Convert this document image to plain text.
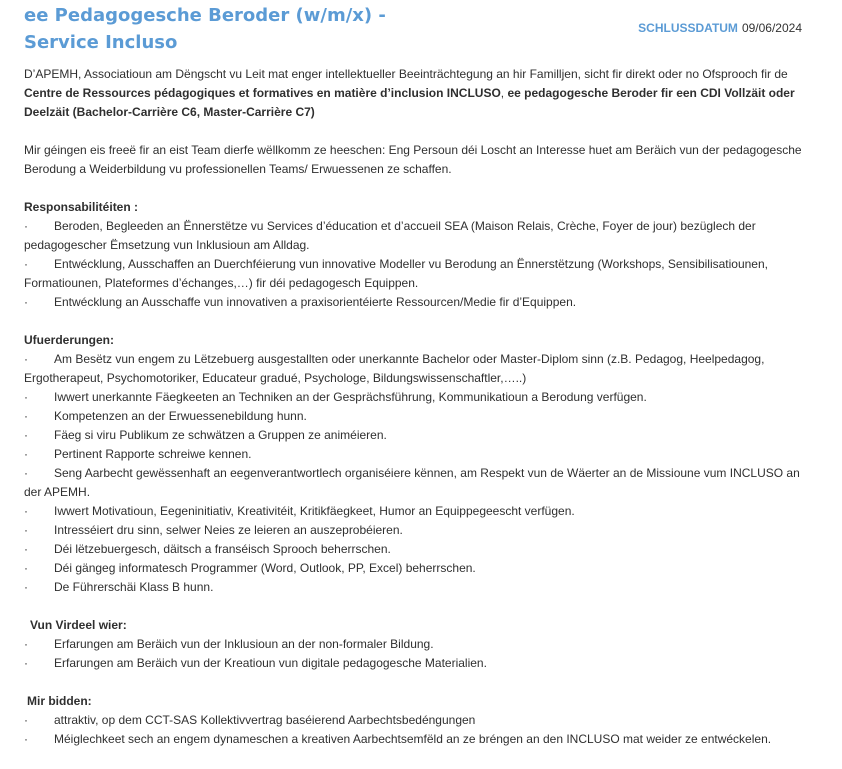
ee Pedagogesche Beroder (w/m/x) - Service Incluso
SCHLUSSDATUM 09/06/2024

D’APEMH, Associatioun am Dëngscht vu Leit mat enger intellektueller Beeinträchtegung an hir Familljen, sicht fir direkt oder no Ofsprooch fir de Centre de Ressources pédagogiques et formatives en matière d’inclusion INCLUSO, ee pedagogesche Beroder fir een CDI Vollzäit oder Deelzäit (Bachelor-Carrière C6, Master-Carrière C7)

Mir géingen eis freeë fir an eist Team dierfe wëllkomm ze heeschen: Eng Persoun déi Loscht an Interesse huet am Beräich vun der pedagogesche Berodung a Weiderbildung vu professionellen Teams/ Erwuessenen ze schaffen.

Responsabilitéiten :

· Beroden, Begleeden an Ënnerstëtze vu Services d’éducation et d’accueil SEA (Maison Relais, Crèche, Foyer de jour) bezüglech der pedagogescher Ëmsetzung vun Inklusioun am Alldag.
· Entwécklung, Ausschaffen an Duerchféierung vun innovative Modeller vu Berodung an Ënnerstëtzung (Workshops, Sensibilisatiounen, Formatiounen, Plateformes d’échanges,…) fir déi pedagogesch Equippen.
· Entwécklung an Ausschaffe vun innovativen a praxisorientéierte Ressourcen/Medie fir d’Equippen.

Ufuerderungen:

· Am Besëtz vun engem zu Lëtzebuerg ausgestallten oder unerkannte Bachelor oder Master-Diplom sinn (z.B. Pedagog, Heelpedagog, Ergotherapeut, Psychomotoriker, Educateur gradué, Psychologe, Bildungswissenschaftler,…..)
· Iwwert unerkannte Fäegkeeten an Techniken an der Gesprächsführung, Kommunikatioun a Berodung verfügen.
· Kompetenzen an der Erwuessenebildung hunn.
· Fäeg si viru Publikum ze schwätzen a Gruppen ze animéieren.
· Pertinent Rapporte schreiwe kennen.
· Seng Aarbecht gewëssenhaft an eegenverantwortlech organiséiere kënnen, am Respekt vun de Wäerter an de Missioune vum INCLUSO an der APEMH.
· Iwwert Motivatioun, Eegeninitiativ, Kreativitéit, Kritikfäegkeet, Humor an Equippegeescht verfügen.
· Intresséiert dru sinn, selwer Neies ze leieren an auszeprobéieren.
· Déi lëtzebuergesch, däitsch a franséisch Sprooch beherrschen.
· Déi gängeg informatesch Programmer (Word, Outlook, PP, Excel) beherrschen.
· De Führerschäi Klass B hunn.

Vun Virdeel wier:

· Erfarungen am Beräich vun der Inklusioun an der non-formaler Bildung.
· Erfarungen am Beräich vun der Kreatioun vun digitale pedagogesche Materialien.

Mir bidden:

· attraktiv, op dem CCT-SAS Kollektivvertrag baséierend Aarbechtsbedéngungen
· Méiglechkeet sech an engem dynameschen a kreativen Aarbechtsemfëld an ze bréngen an den INCLUSO mat weider ze entwéckelen.
